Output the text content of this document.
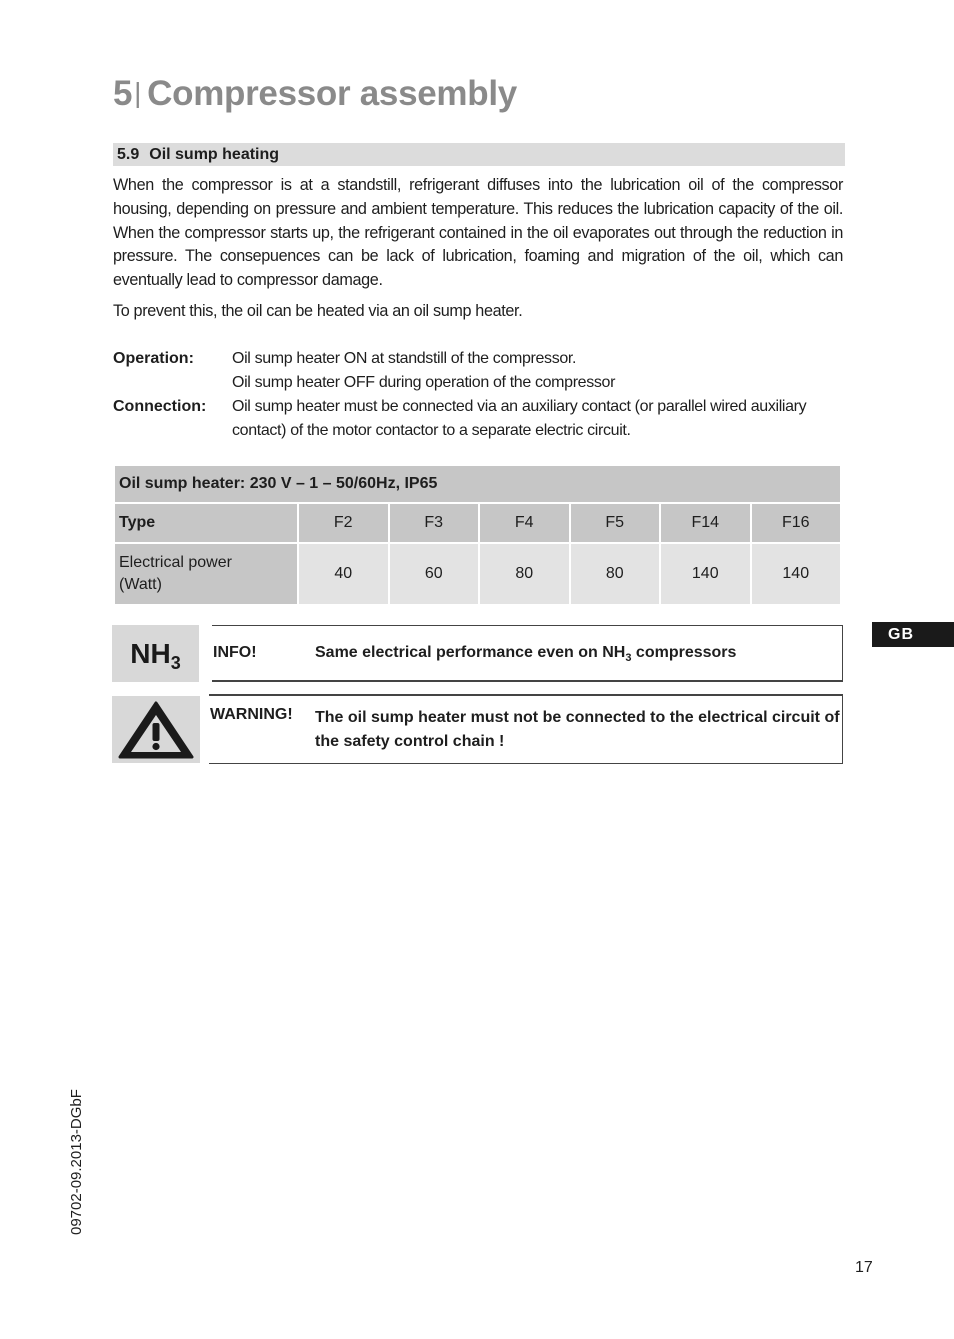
5| Compressor assembly
5.9 Oil sump heating
When the compressor is at a standstill, refrigerant diffuses into the lubrication oil of the compressor housing, depending on pressure and ambient temperature. This reduces the lubrication capacity of the oil. When the compressor starts up, the refrigerant contained in the oil evaporates out through the reduction in pressure. The consepuences can be lack of lubrication, foaming and migration of the oil, which can eventually lead to compressor damage.
To prevent this, the oil can be heated via an oil sump heater.
Operation: Oil sump heater ON at standstill of the compressor.
Oil sump heater OFF during operation of the compressor
Connection: Oil sump heater must be connected via an auxiliary contact (or parallel wired auxiliary contact) of the motor contactor to a separate electric circuit.
Oil sump heater: 230 V – 1 – 50/60Hz, IP65						
Type	F2	F3	F4	F5	F14	F16
Electrical power
(Watt)	40	60	80	80	140	140
$NH_3$
INFO!	Same electrical performance even on $NH_3$ compressors
WARNING! The oil sump heater must not be connected to the electrical circuit of the safety control chain !
GB
09702-09.2013-DGbF
17
